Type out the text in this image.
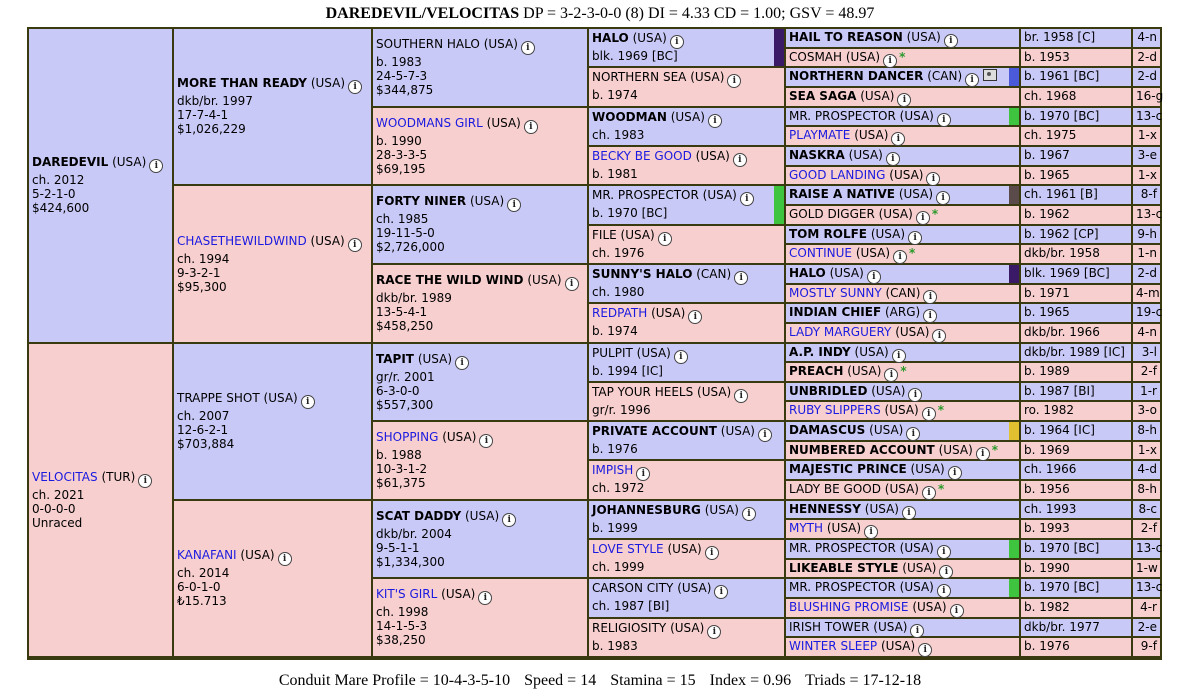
DAREDEVIL/VELOCITAS DP = 3-2-3-0-0 (8) DI = 4.33 CD = 1.00; GSV = 48.97
DAREDEVIL (USA) i
ch. 2012
5-2-1-0
$424,600
VELOCITAS (TUR) i
ch. 2021
0-0-0-0
Unraced
MORE THAN READY (USA) i
dkb/br. 1997
17-7-4-1
$1,026,229
CHASETHEWILDWIND (USA) i
ch. 1994
9-3-2-1
$95,300
TRAPPE SHOT (USA) i
ch. 2007
12-6-2-1
$703,884
KANAFANI (USA) i
ch. 2014
6-0-1-0
₺15.713
SOUTHERN HALO (USA) i
b. 1983
24-5-7-3
$344,875
WOODMANS GIRL (USA) i
b. 1990
28-3-3-5
$69,195
FORTY NINER (USA) i
ch. 1985
19-11-5-0
$2,726,000
RACE THE WILD WIND (USA) i
dkb/br. 1989
13-5-4-1
$458,250
TAPIT (USA) i
gr/r. 2001
6-3-0-0
$557,300
SHOPPING (USA) i
b. 1988
10-3-1-2
$61,375
SCAT DADDY (USA) i
dkb/br. 2004
9-5-1-1
$1,334,300
KIT'S GIRL (USA) i
ch. 1998
14-1-5-3
$38,250
HALO (USA) i
blk. 1969 [BC]
NORTHERN SEA (USA) i
b. 1974
WOODMAN (USA) i
ch. 1983
BECKY BE GOOD (USA) i
b. 1981
MR. PROSPECTOR (USA) i
b. 1970 [BC]
FILE (USA) i
ch. 1976
SUNNY'S HALO (CAN) i
ch. 1980
REDPATH (USA) i
b. 1974
PULPIT (USA) i
b. 1994 [IC]
TAP YOUR HEELS (USA) i
gr/r. 1996
PRIVATE ACCOUNT (USA) i
b. 1976
IMPISH i
ch. 1972
JOHANNESBURG (USA) i
b. 1999
LOVE STYLE (USA) i
ch. 1999
CARSON CITY (USA) i
ch. 1987 [BI]
RELIGIOSITY (USA) i
b. 1983
HAIL TO REASON (USA) i	br. 1958 [C]	4-n
COSMAH (USA) i *	b. 1953	2-d
NORTHERN DANCER (CAN) i	b. 1961 [BC]	2-d
SEA SAGA (USA) i	ch. 1968	16-g
MR. PROSPECTOR (USA) i	b. 1970 [BC]	13-c
PLAYMATE (USA) i	ch. 1975	1-x
NASKRA (USA) i	b. 1967	3-e
GOOD LANDING (USA) i	b. 1965	1-x
RAISE A NATIVE (USA) i	ch. 1961 [B]	8-f
GOLD DIGGER (USA) i *	b. 1962	13-c
TOM ROLFE (USA) i	b. 1962 [CP]	9-h
CONTINUE (USA) i *	dkb/br. 1958	1-n
HALO (USA) i	blk. 1969 [BC]	2-d
MOSTLY SUNNY (CAN) i	b. 1971	4-m
INDIAN CHIEF (ARG) i	b. 1965	19-c
LADY MARGUERY (USA) i	dkb/br. 1966	4-n
A.P. INDY (USA) i	dkb/br. 1989 [IC]	3-l
PREACH (USA) i *	b. 1989	2-f
UNBRIDLED (USA) i	b. 1987 [BI]	1-r
RUBY SLIPPERS (USA) i *	ro. 1982	3-o
DAMASCUS (USA) i	b. 1964 [IC]	8-h
NUMBERED ACCOUNT (USA) i *	b. 1969	1-x
MAJESTIC PRINCE (USA) i	ch. 1966	4-d
LADY BE GOOD (USA) i *	b. 1956	8-h
HENNESSY (USA) i	ch. 1993	8-c
MYTH (USA) i	b. 1993	2-f
MR. PROSPECTOR (USA) i	b. 1970 [BC]	13-c
LIKEABLE STYLE (USA) i	b. 1990	1-w
MR. PROSPECTOR (USA) i	b. 1970 [BC]	13-c
BLUSHING PROMISE (USA) i	b. 1982	4-r
IRISH TOWER (USA) i	dkb/br. 1977	2-e
WINTER SLEEP (USA) i	b. 1976	9-f
Conduit Mare Profile = 10-4-3-5-10 Speed = 14 Stamina = 15 Index = 0.96 Triads = 17-12-18
